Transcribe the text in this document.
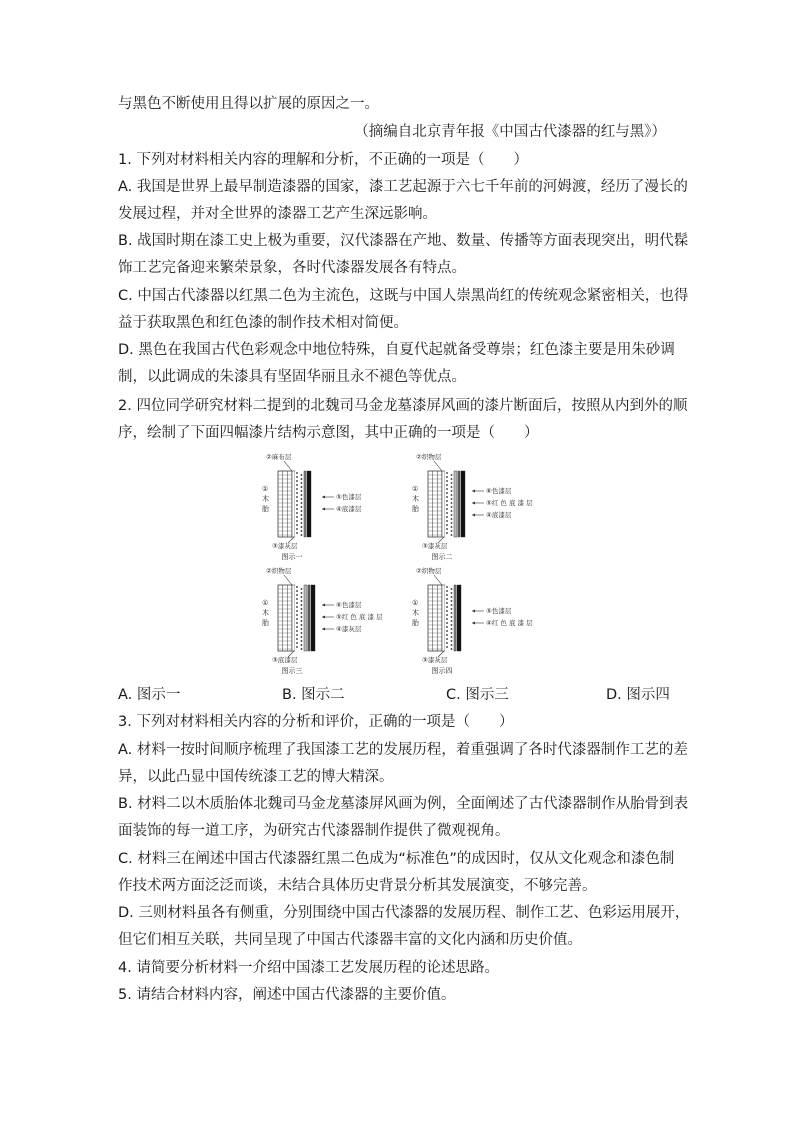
与黑色不断使用且得以扩展的原因之一。
（摘编自北京青年报《中国古代漆器的红与黑》）
1. 下列对材料相关内容的理解和分析，不正确的一项是（　　）
A. 我国是世界上最早制造漆器的国家，漆工艺起源于六七千年前的河姆渡，经历了漫长的
发展过程，并对全世界的漆器工艺产生深远影响。
B. 战国时期在漆工史上极为重要，汉代漆器在产地、数量、传播等方面表现突出，明代髹
饰工艺完备迎来繁荣景象，各时代漆器发展各有特点。
C. 中国古代漆器以红黑二色为主流色，这既与中国人崇黑尚红的传统观念紧密相关，也得
益于获取黑色和红色漆的制作技术相对简便。
D. 黑色在我国古代色彩观念中地位特殊，自夏代起就备受尊崇；红色漆主要是用朱砂调
制，以此调成的朱漆具有坚固华丽且永不褪色等优点。
2. 四位同学研究材料二提到的北魏司马金龙墓漆屏风画的漆片断面后，按照从内到外的顺
序，绘制了下面四幅漆片结构示意图，其中正确的一项是（　　）
②麻布层
①
木
胎
⑤色漆层
④底漆层
③漆灰层
图示一
②织物层
①
木
胎
⑥色漆层
⑤红 色 底 漆 层
④底漆层
③漆灰层
图示二
②织物层
①
木
胎
⑥色漆层
⑤红 色 底 漆 层
④漆灰层
③底漆层
图示三
②织物层
①
木
胎
⑤色漆层
④红 色 底 漆 层
③漆灰层
图示四
A. 图示一	B. 图示二	C. 图示三	D. 图示四
3. 下列对材料相关内容的分析和评价，正确的一项是（　　）
A. 材料一按时间顺序梳理了我国漆工艺的发展历程，着重强调了各时代漆器制作工艺的差
异，以此凸显中国传统漆工艺的博大精深。
B. 材料二以木质胎体北魏司马金龙墓漆屏风画为例，全面阐述了古代漆器制作从胎骨到表
面装饰的每一道工序，为研究古代漆器制作提供了微观视角。
C. 材料三在阐述中国古代漆器红黑二色成为“标准色”的成因时，仅从文化观念和漆色制
作技术两方面泛泛而谈，未结合具体历史背景分析其发展演变，不够完善。
D. 三则材料虽各有侧重，分别围绕中国古代漆器的发展历程、制作工艺、色彩运用展开，
但它们相互关联，共同呈现了中国古代漆器丰富的文化内涵和历史价值。
4. 请简要分析材料一介绍中国漆工艺发展历程的论述思路。
5. 请结合材料内容，阐述中国古代漆器的主要价值。
